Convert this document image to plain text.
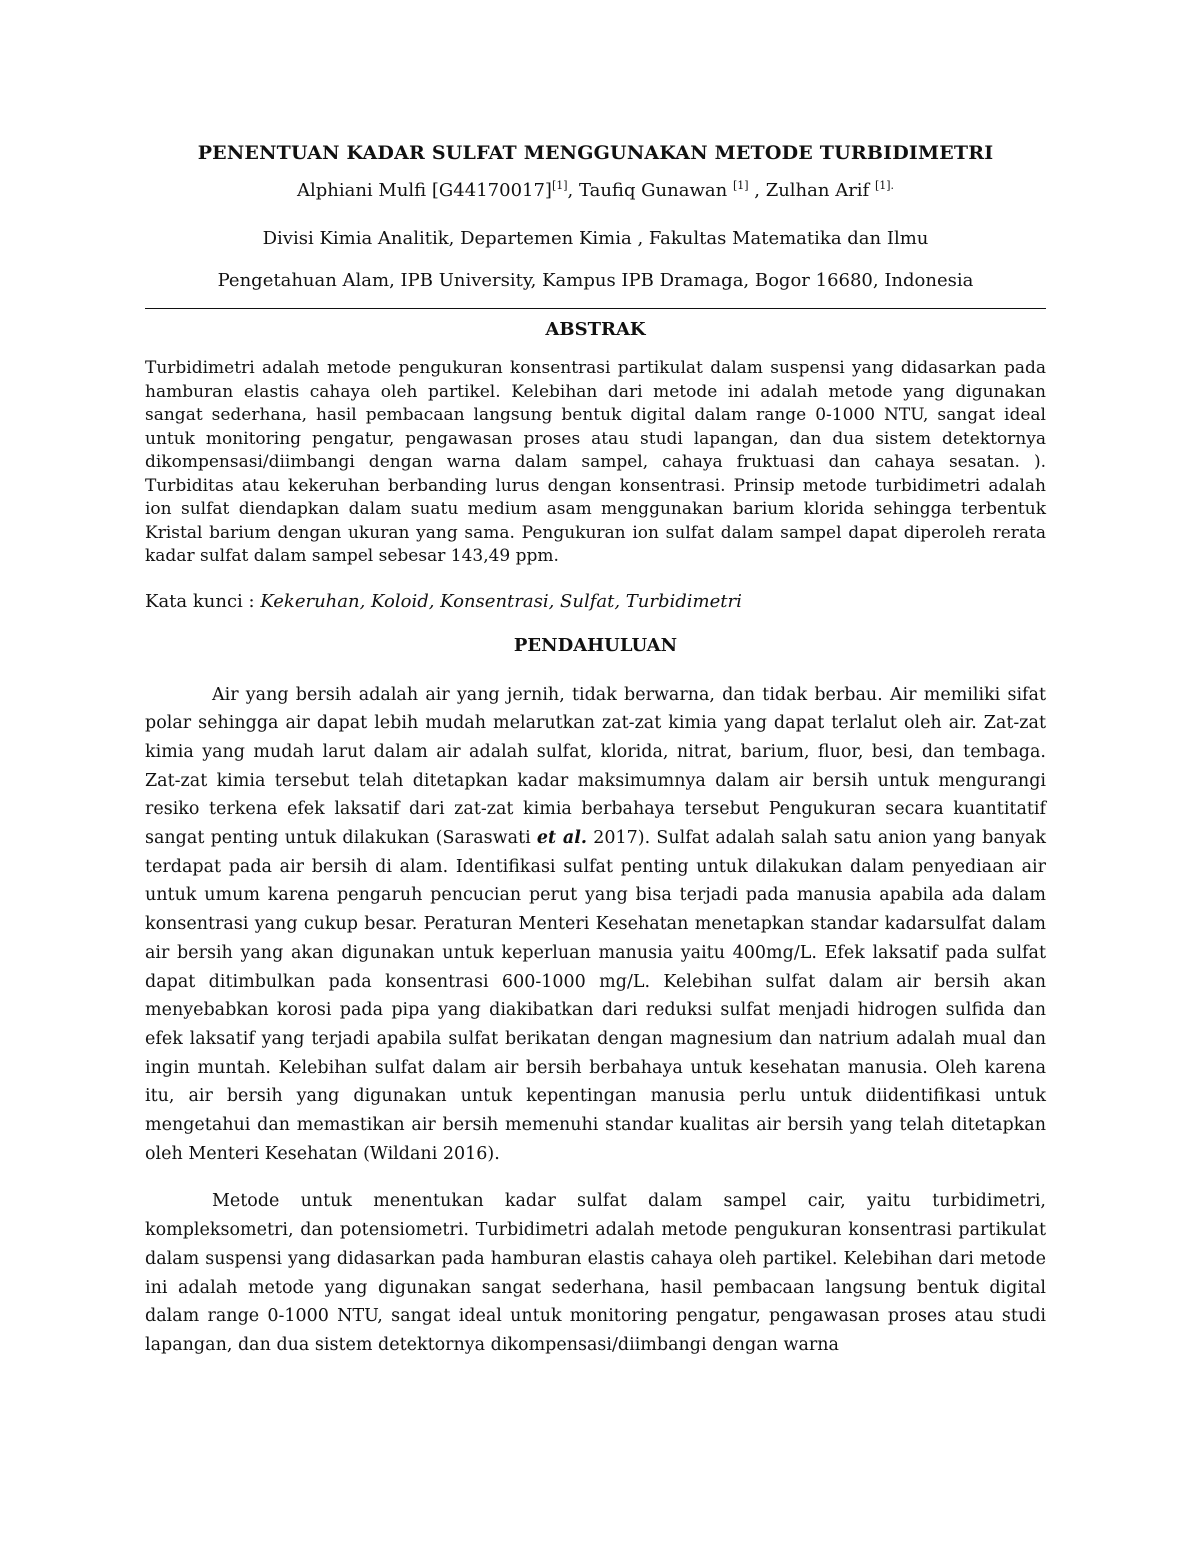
PENENTUAN KADAR SULFAT MENGGUNAKAN METODE TURBIDIMETRI

Alphiani Mulfi [G44170017][1], Taufiq Gunawan [1] , Zulhan Arif $^{[1].}$

Divisi Kimia Analitik, Departemen Kimia , Fakultas Matematika dan Ilmu

Pengetahuan Alam, IPB University, Kampus IPB Dramaga, Bogor 16680, Indonesia

ABSTRAK

Turbidimetri adalah metode pengukuran konsentrasi partikulat dalam suspensi yang didasarkan pada hamburan elastis cahaya oleh partikel. Kelebihan dari metode ini adalah metode yang digunakan sangat sederhana, hasil pembacaan langsung bentuk digital dalam range 0-1000 NTU, sangat ideal untuk monitoring pengatur, pengawasan proses atau studi lapangan, dan dua sistem detektornya dikompensasi/diimbangi dengan warna dalam sampel, cahaya fruktuasi dan cahaya sesatan. ). Turbiditas atau kekeruhan berbanding lurus dengan konsentrasi. Prinsip metode turbidimetri adalah ion sulfat diendapkan dalam suatu medium asam menggunakan barium klorida sehingga terbentuk Kristal barium dengan ukuran yang sama. Pengukuran ion sulfat dalam sampel dapat diperoleh rerata kadar sulfat dalam sampel sebesar 143,49 ppm.

Kata kunci : Kekeruhan, Koloid, Konsentrasi, Sulfat, Turbidimetri

PENDAHULUAN

Air yang bersih adalah air yang jernih, tidak berwarna, dan tidak berbau. Air memiliki sifat polar sehingga air dapat lebih mudah melarutkan zat-zat kimia yang dapat terlalut oleh air. Zat-zat kimia yang mudah larut dalam air adalah sulfat, klorida, nitrat, barium, fluor, besi, dan tembaga. Zat-zat kimia tersebut telah ditetapkan kadar maksimumnya dalam air bersih untuk mengurangi resiko terkena efek laksatif dari zat-zat kimia berbahaya tersebut Pengukuran secara kuantitatif sangat penting untuk dilakukan (Saraswati et al. 2017). Sulfat adalah salah satu anion yang banyak terdapat pada air bersih di alam. Identifikasi sulfat penting untuk dilakukan dalam penyediaan air untuk umum karena pengaruh pencucian perut yang bisa terjadi pada manusia apabila ada dalam konsentrasi yang cukup besar. Peraturan Menteri Kesehatan menetapkan standar kadarsulfat dalam air bersih yang akan digunakan untuk keperluan manusia yaitu 400mg/L. Efek laksatif pada sulfat dapat ditimbulkan pada konsentrasi 600-1000 mg/L. Kelebihan sulfat dalam air bersih akan menyebabkan korosi pada pipa yang diakibatkan dari reduksi sulfat menjadi hidrogen sulfida dan efek laksatif yang terjadi apabila sulfat berikatan dengan magnesium dan natrium adalah mual dan ingin muntah. Kelebihan sulfat dalam air bersih berbahaya untuk kesehatan manusia. Oleh karena itu, air bersih yang digunakan untuk kepentingan manusia perlu untuk diidentifikasi untuk mengetahui dan memastikan air bersih memenuhi standar kualitas air bersih yang telah ditetapkan oleh Menteri Kesehatan (Wildani 2016).

Metode untuk menentukan kadar sulfat dalam sampel cair, yaitu turbidimetri, kompleksometri, dan potensiometri. Turbidimetri adalah metode pengukuran konsentrasi partikulat dalam suspensi yang didasarkan pada hamburan elastis cahaya oleh partikel. Kelebihan dari metode ini adalah metode yang digunakan sangat sederhana, hasil pembacaan langsung bentuk digital dalam range 0-1000 NTU, sangat ideal untuk monitoring pengatur, pengawasan proses atau studi lapangan, dan dua sistem detektornya dikompensasi/diimbangi dengan warna
